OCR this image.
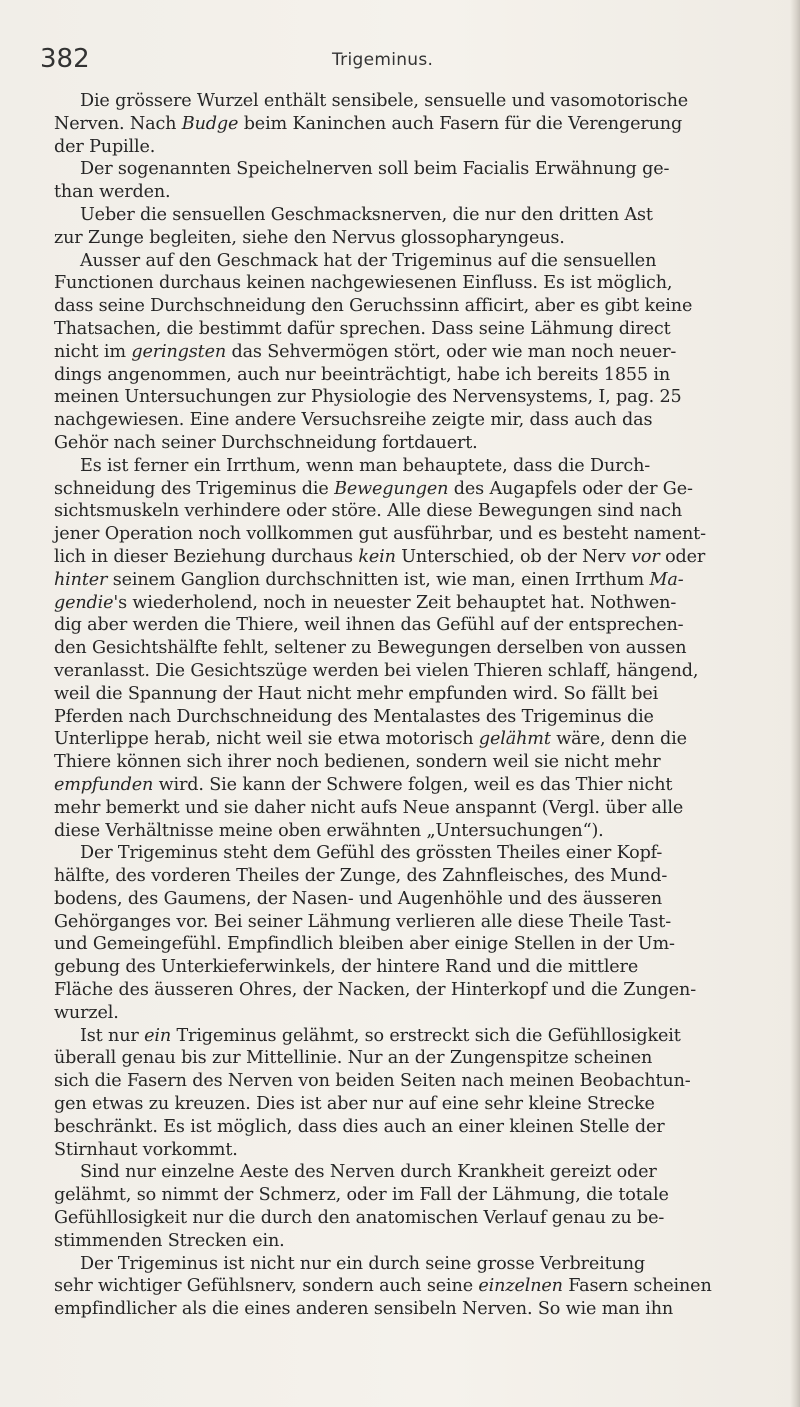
382	Trigeminus.
Die grössere Wurzel enthält sensibele, sensuelle und vasomotorische
Nerven. Nach Budge beim Kaninchen auch Fasern für die Verengerung
der Pupille.
Der sogenannten Speichelnerven soll beim Facialis Erwähnung ge-
than werden.
Ueber die sensuellen Geschmacksnerven, die nur den dritten Ast
zur Zunge begleiten, siehe den Nervus glossopharyngeus.
Ausser auf den Geschmack hat der Trigeminus auf die sensuellen
Functionen durchaus keinen nachgewiesenen Einfluss. Es ist möglich,
dass seine Durchschneidung den Geruchssinn afficirt, aber es gibt keine
Thatsachen, die bestimmt dafür sprechen. Dass seine Lähmung direct
nicht im geringsten das Sehvermögen stört, oder wie man noch neuer-
dings angenommen, auch nur beeinträchtigt, habe ich bereits 1855 in
meinen Untersuchungen zur Physiologie des Nervensystems, I, pag. 25
nachgewiesen. Eine andere Versuchsreihe zeigte mir, dass auch das
Gehör nach seiner Durchschneidung fortdauert.
Es ist ferner ein Irrthum, wenn man behauptete, dass die Durch-
schneidung des Trigeminus die Bewegungen des Augapfels oder der Ge-
sichtsmuskeln verhindere oder störe. Alle diese Bewegungen sind nach
jener Operation noch vollkommen gut ausführbar, und es besteht nament-
lich in dieser Beziehung durchaus kein Unterschied, ob der Nerv vor oder
hinter seinem Ganglion durchschnitten ist, wie man, einen Irrthum Ma-
gendie's wiederholend, noch in neuester Zeit behauptet hat. Nothwen-
dig aber werden die Thiere, weil ihnen das Gefühl auf der entsprechen-
den Gesichtshälfte fehlt, seltener zu Bewegungen derselben von aussen
veranlasst. Die Gesichtszüge werden bei vielen Thieren schlaff, hängend,
weil die Spannung der Haut nicht mehr empfunden wird. So fällt bei
Pferden nach Durchschneidung des Mentalastes des Trigeminus die
Unterlippe herab, nicht weil sie etwa motorisch gelähmt wäre, denn die
Thiere können sich ihrer noch bedienen, sondern weil sie nicht mehr
empfunden wird. Sie kann der Schwere folgen, weil es das Thier nicht
mehr bemerkt und sie daher nicht aufs Neue anspannt (Vergl. über alle
diese Verhältnisse meine oben erwähnten „Untersuchungen“).
Der Trigeminus steht dem Gefühl des grössten Theiles einer Kopf-
hälfte, des vorderen Theiles der Zunge, des Zahnfleisches, des Mund-
bodens, des Gaumens, der Nasen- und Augenhöhle und des äusseren
Gehörganges vor. Bei seiner Lähmung verlieren alle diese Theile Tast-
und Gemeingefühl. Empfindlich bleiben aber einige Stellen in der Um-
gebung des Unterkieferwinkels, der hintere Rand und die mittlere
Fläche des äusseren Ohres, der Nacken, der Hinterkopf und die Zungen-
wurzel.
Ist nur ein Trigeminus gelähmt, so erstreckt sich die Gefühllosigkeit
überall genau bis zur Mittellinie. Nur an der Zungenspitze scheinen
sich die Fasern des Nerven von beiden Seiten nach meinen Beobachtun-
gen etwas zu kreuzen. Dies ist aber nur auf eine sehr kleine Strecke
beschränkt. Es ist möglich, dass dies auch an einer kleinen Stelle der
Stirnhaut vorkommt.
Sind nur einzelne Aeste des Nerven durch Krankheit gereizt oder
gelähmt, so nimmt der Schmerz, oder im Fall der Lähmung, die totale
Gefühllosigkeit nur die durch den anatomischen Verlauf genau zu be-
stimmenden Strecken ein.
Der Trigeminus ist nicht nur ein durch seine grosse Verbreitung
sehr wichtiger Gefühlsnerv, sondern auch seine einzelnen Fasern scheinen
empfindlicher als die eines anderen sensibeln Nerven. So wie man ihn
